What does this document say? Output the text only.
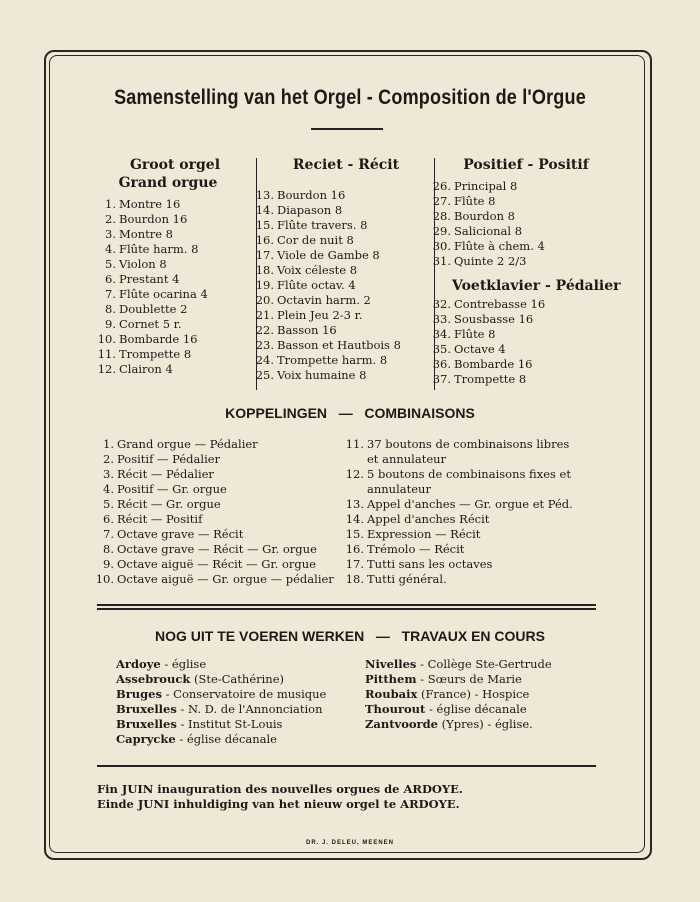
Samenstelling van het Orgel - Composition de l'Orgue
Groot orgel
Grand orgue
1. Montre 16
2. Bourdon 16
3. Montre 8
4. Flûte harm. 8
5. Violon 8
6. Prestant 4
7. Flûte ocarina 4
8. Doublette 2
9. Cornet 5 r.
10. Bombarde 16
11. Trompette 8
12. Clairon 4
Reciet - Récit
13. Bourdon 16
14. Diapason 8
15. Flûte travers. 8
16. Cor de nuit 8
17. Viole de Gambe 8
18. Voix céleste 8
19. Flûte octav. 4
20. Octavin harm. 2
21. Plein Jeu 2-3 r.
22. Basson 16
23. Basson et Hautbois 8
24. Trompette harm. 8
25. Voix humaine 8
Positief - Positif
26. Principal 8
27. Flûte 8
28. Bourdon 8
29. Salicional 8
30. Flûte à chem. 4
31. Quinte 2 2/3
Voetklavier - Pédalier
32. Contrebasse 16
33. Sousbasse 16
34. Flûte 8
35. Octave 4
36. Bombarde 16
37. Trompette 8
KOPPELINGEN — COMBINAISONS
1. Grand orgue — Pédalier
2. Positif — Pédalier
3. Récit — Pédalier
4. Positif — Gr. orgue
5. Récit — Gr. orgue
6. Récit — Positif
7. Octave grave — Récit
8. Octave grave — Récit — Gr. orgue
9. Octave aiguë — Récit — Gr. orgue
10. Octave aiguë — Gr. orgue — pédalier
11. 37 boutons de combinaisons libres
et annulateur
12. 5 boutons de combinaisons fixes et
annulateur
13. Appel d'anches — Gr. orgue et Péd.
14. Appel d'anches Récit
15. Expression — Récit
16. Trémolo — Récit
17. Tutti sans les octaves
18. Tutti général.
NOG UIT TE VOEREN WERKEN — TRAVAUX EN COURS
Ardoye - église
Assebrouck (Ste-Cathérine)
Bruges - Conservatoire de musique
Bruxelles - N. D. de l'Annonciation
Bruxelles - Institut St-Louis
Caprycke - église décanale
Nivelles - Collège Ste-Gertrude
Pitthem - Sœurs de Marie
Roubaix (France) - Hospice
Thourout - église décanale
Zantvoorde (Ypres) - église.
Fin JUIN inauguration des nouvelles orgues de ARDOYE.
Einde JUNI inhuldiging van het nieuw orgel te ARDOYE.
DR. J. DELEU, MEENEN
